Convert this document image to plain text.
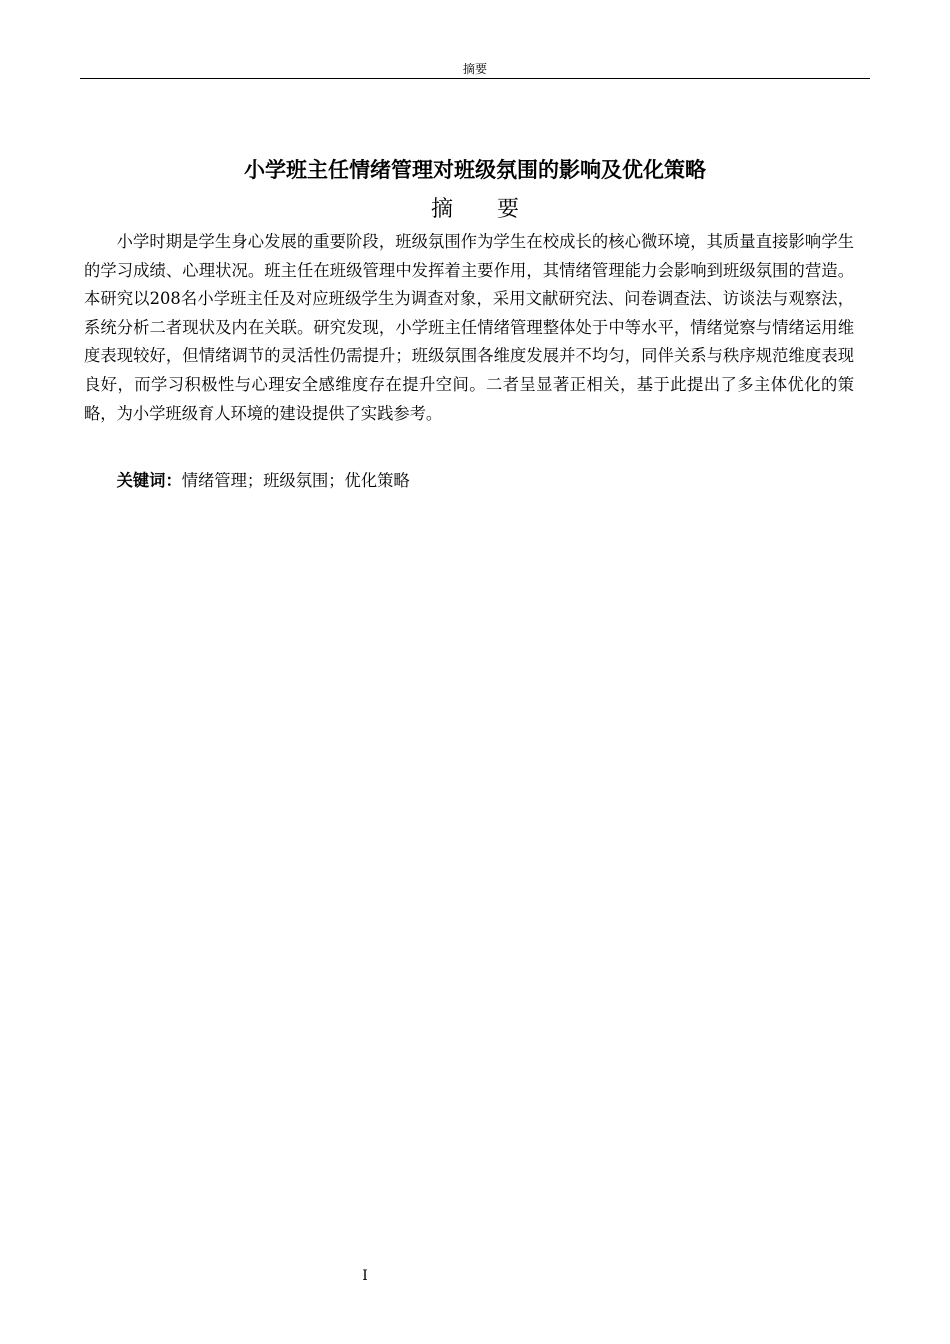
摘要
小学班主任情绪管理对班级氛围的影响及优化策略
摘 要

小学时期是学生身心发展的重要阶段，班级氛围作为学生在校成长的核心微环境，其质量直接影响学生的学习成绩、心理状况。班主任在班级管理中发挥着主要作用，其情绪管理能力会影响到班级氛围的营造。本研究以208名小学班主任及对应班级学生为调查对象，采用文献研究法、问卷调查法、访谈法与观察法，系统分析二者现状及内在关联。研究发现，小学班主任情绪管理整体处于中等水平，情绪觉察与情绪运用维度表现较好，但情绪调节的灵活性仍需提升；班级氛围各维度发展并不均匀，同伴关系与秩序规范维度表现良好，而学习积极性与心理安全感维度存在提升空间。二者呈显著正相关，基于此提出了多主体优化的策略，为小学班级育人环境的建设提供了实践参考。

关键词：情绪管理；班级氛围；优化策略

I
